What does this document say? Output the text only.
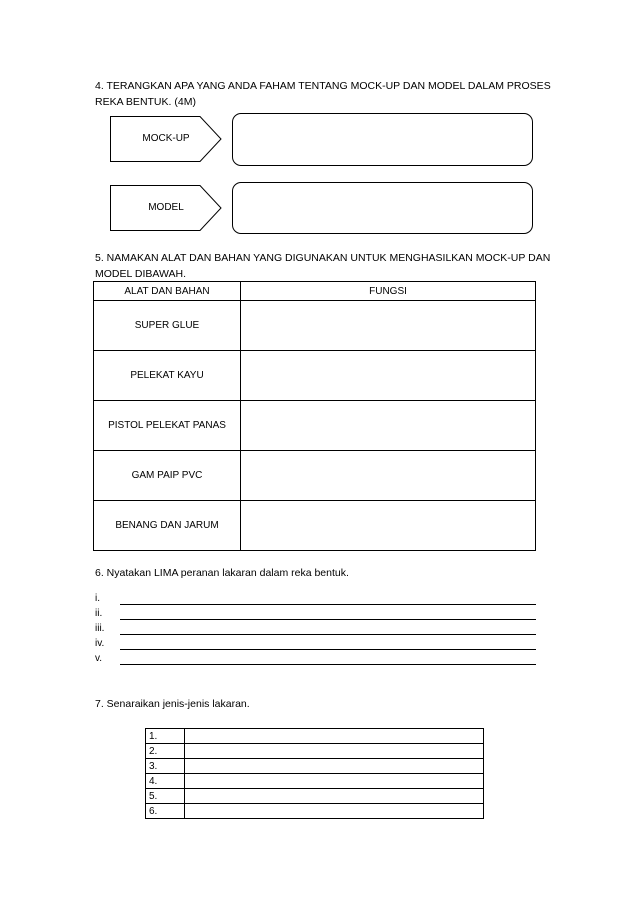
4. TERANGKAN APA YANG ANDA FAHAM TENTANG MOCK-UP DAN MODEL DALAM PROSES
REKA BENTUK. (4M)
MOCK-UP
MODEL
5. NAMAKAN ALAT DAN BAHAN YANG DIGUNAKAN UNTUK MENGHASILKAN MOCK-UP DAN
MODEL DIBAWAH.
ALAT DAN BAHAN	FUNGSI
SUPER GLUE	
PELEKAT KAYU	
PISTOL PELEKAT PANAS	
GAM PAIP PVC	
BENANG DAN JARUM	
6. Nyatakan LIMA peranan lakaran dalam reka bentuk.
i.
ii.
iii.
iv.
v.
7. Senaraikan jenis-jenis lakaran.
1.	
2.	
3.	
4.	
5.	
6.	
